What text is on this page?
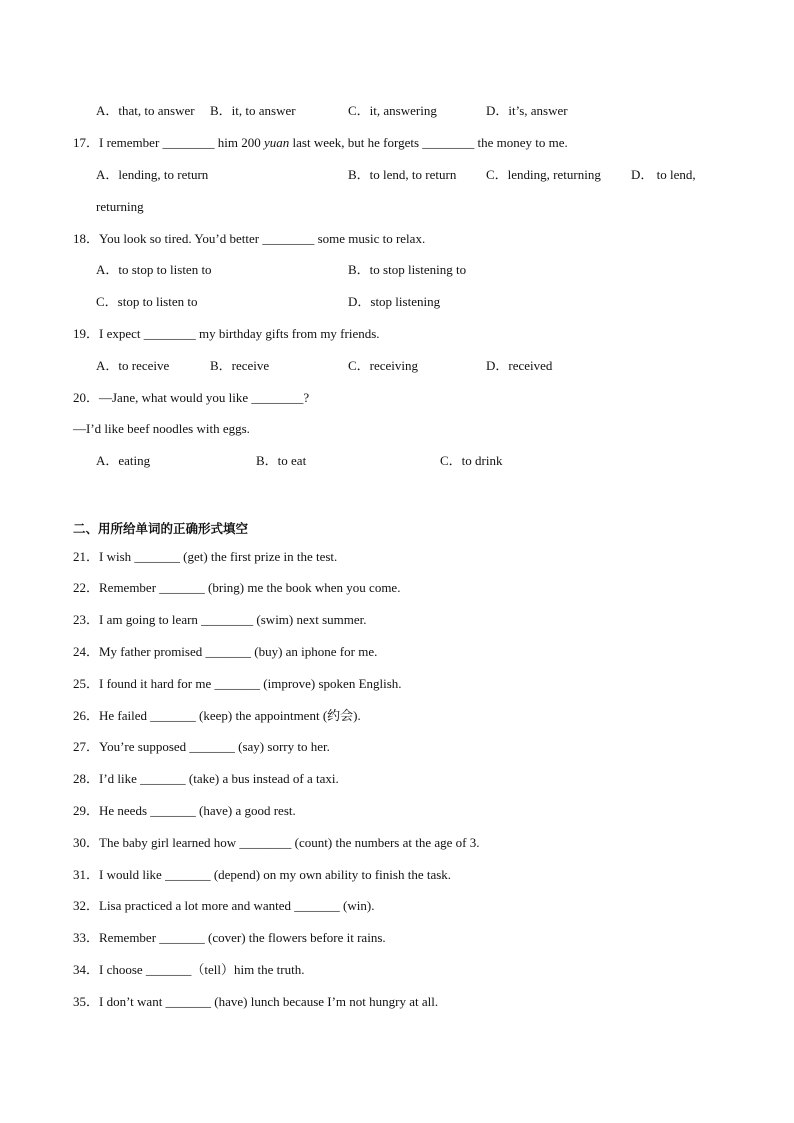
A．that, to answer B．it, to answer	C．it, answering	D．it’s, answer
17．I remember ________ him 200 yuan last week, but he forgets ________ the money to me.
A．lending, to return	B．to lend, to return C．lending, returning D． to lend,
returning
18．You look so tired. You’d better ________ some music to relax.
A．to stop to listen to	B．to stop listening to
C．stop to listen to	D．stop listening
19．I expect ________ my birthday gifts from my friends.
A．to receive	B．receive	C．receiving	D．received
20．—Jane, what would you like ________?
—I’d like beef noodles with eggs.
A．eating	B．to eat	C．to drink
二、用所给单词的正确形式填空
21．I wish _______ (get) the first prize in the test.
22．Remember _______ (bring) me the book when you come.
23．I am going to learn ________ (swim) next summer.
24．My father promised _______ (buy) an iphone for me.
25．I found it hard for me _______ (improve) spoken English.
26．He failed _______ (keep) the appointment (约会).
27．You’re supposed _______ (say) sorry to her.
28．I’d like _______ (take) a bus instead of a taxi.
29．He needs _______ (have) a good rest.
30．The baby girl learned how ________ (count) the numbers at the age of 3.
31．I would like _______ (depend) on my own ability to finish the task.
32．Lisa practiced a lot more and wanted _______ (win).
33．Remember _______ (cover) the flowers before it rains.
34．I choose _______（tell）him the truth.
35．I don’t want _______ (have) lunch because I’m not hungry at all.
